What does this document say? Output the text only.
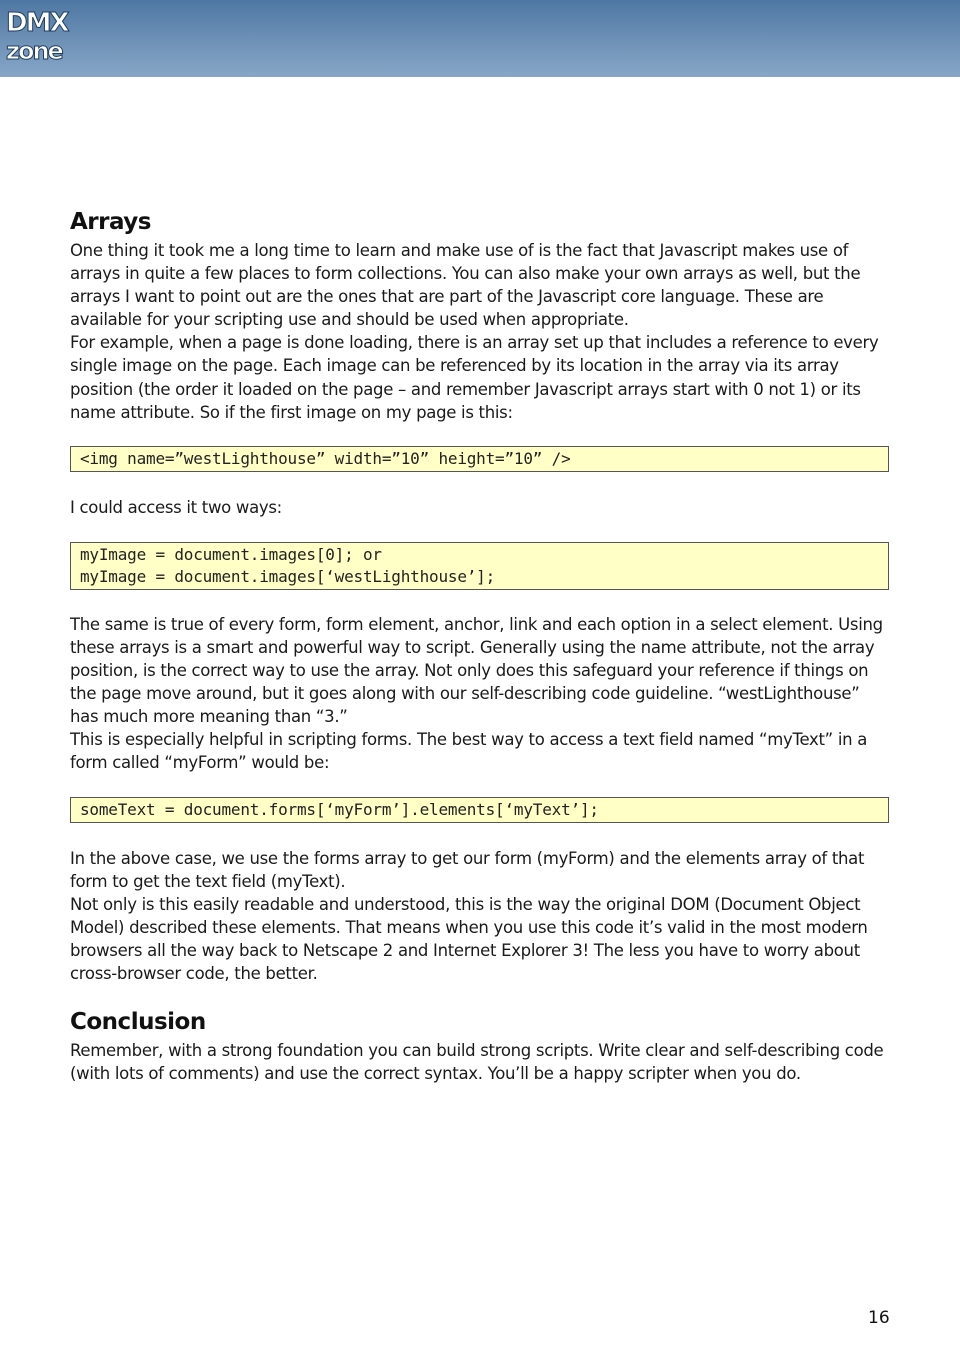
DMX
zone
Arrays

One thing it took me a long time to learn and make use of is the fact that Javascript makes use of arrays in quite a few places to form collections. You can also make your own arrays as well, but the arrays I want to point out are the ones that are part of the Javascript core language. These are available for your scripting use and should be used when appropriate.

For example, when a page is done loading, there is an array set up that includes a reference to every single image on the page. Each image can be referenced by its location in the array via its array position (the order it loaded on the page – and remember Javascript arrays start with 0 not 1) or its name attribute. So if the first image on my page is this:

<img name=”westLighthouse” width=”10” height=”10” />

I could access it two ways:

myImage = document.images[0]; or
myImage = document.images[‘westLighthouse’];

The same is true of every form, form element, anchor, link and each option in a select element. Using these arrays is a smart and powerful way to script. Generally using the name attribute, not the array position, is the correct way to use the array. Not only does this safeguard your reference if things on the page move around, but it goes along with our self-describing code guideline. “westLighthouse” has much more meaning than “3.”

This is especially helpful in scripting forms. The best way to access a text field named “myText” in a form called “myForm” would be:

someText = document.forms[‘myForm’].elements[‘myText’];

In the above case, we use the forms array to get our form (myForm) and the elements array of that form to get the text field (myText).

Not only is this easily readable and understood, this is the way the original DOM (Document Object Model) described these elements. That means when you use this code it’s valid in the most modern browsers all the way back to Netscape 2 and Internet Explorer 3! The less you have to worry about cross-browser code, the better.

Conclusion

Remember, with a strong foundation you can build strong scripts. Write clear and self-describing code (with lots of comments) and use the correct syntax. You’ll be a happy scripter when you do.

16
